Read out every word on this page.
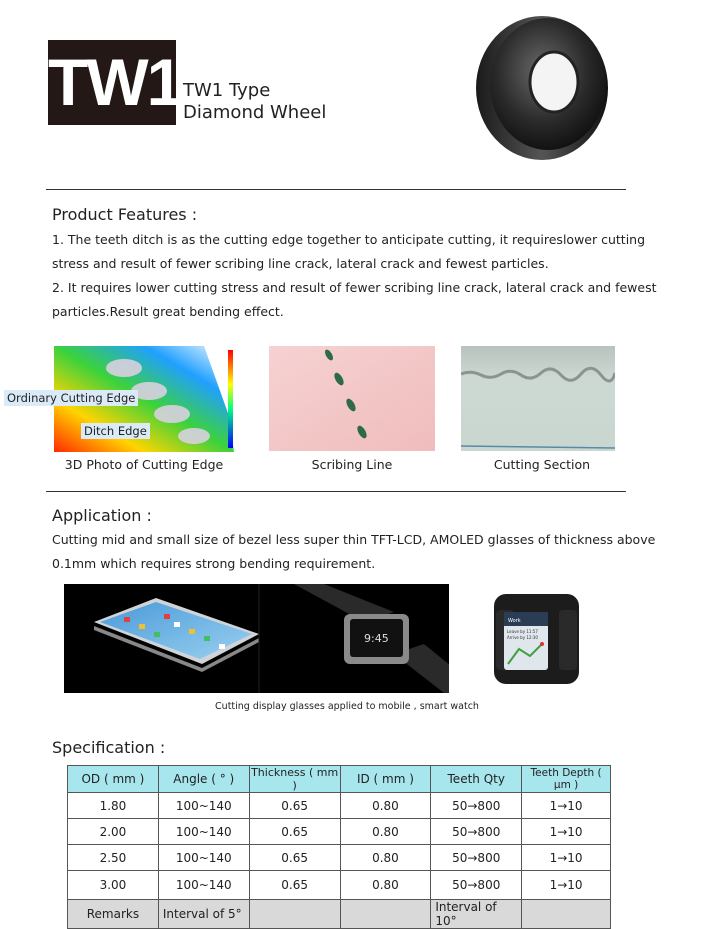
TW1 TW1 Type
Diamond Wheel
Product Features :
1. The teeth ditch is as the cutting edge together to anticipate cutting, it requireslower cutting
stress and result of fewer scribing line crack, lateral crack and fewest particles.
2. It requires lower cutting stress and result of fewer scribing line crack, lateral crack and fewest
particles.Result great bending effect.
Ordinary Cutting Edge
Ditch Edge
3D Photo of Cutting Edge	Scribing Line	Cutting Section
Application :
Cutting mid and small size of bezel less super thin TFT-LCD, AMOLED glasses of thickness above
0.1mm which requires strong bending requirement.
9:45
Work
Leave by 11:57
Arrive by 12:30
Cutting display glasses applied to mobile , smart watch
Specification :
OD ( mm )	Angle ( ° )	Thickness ( mm )	ID ( mm )	Teeth Qty	Teeth Depth ( μm )
1.80	100~140	0.65	0.80	50→800	1→10
2.00	100~140	0.65	0.80	50→800	1→10
2.50	100~140	0.65	0.80	50→800	1→10
3.00	100~140	0.65	0.80	50→800	1→10
Remarks	Interval of 5°			Interval of 10°	
